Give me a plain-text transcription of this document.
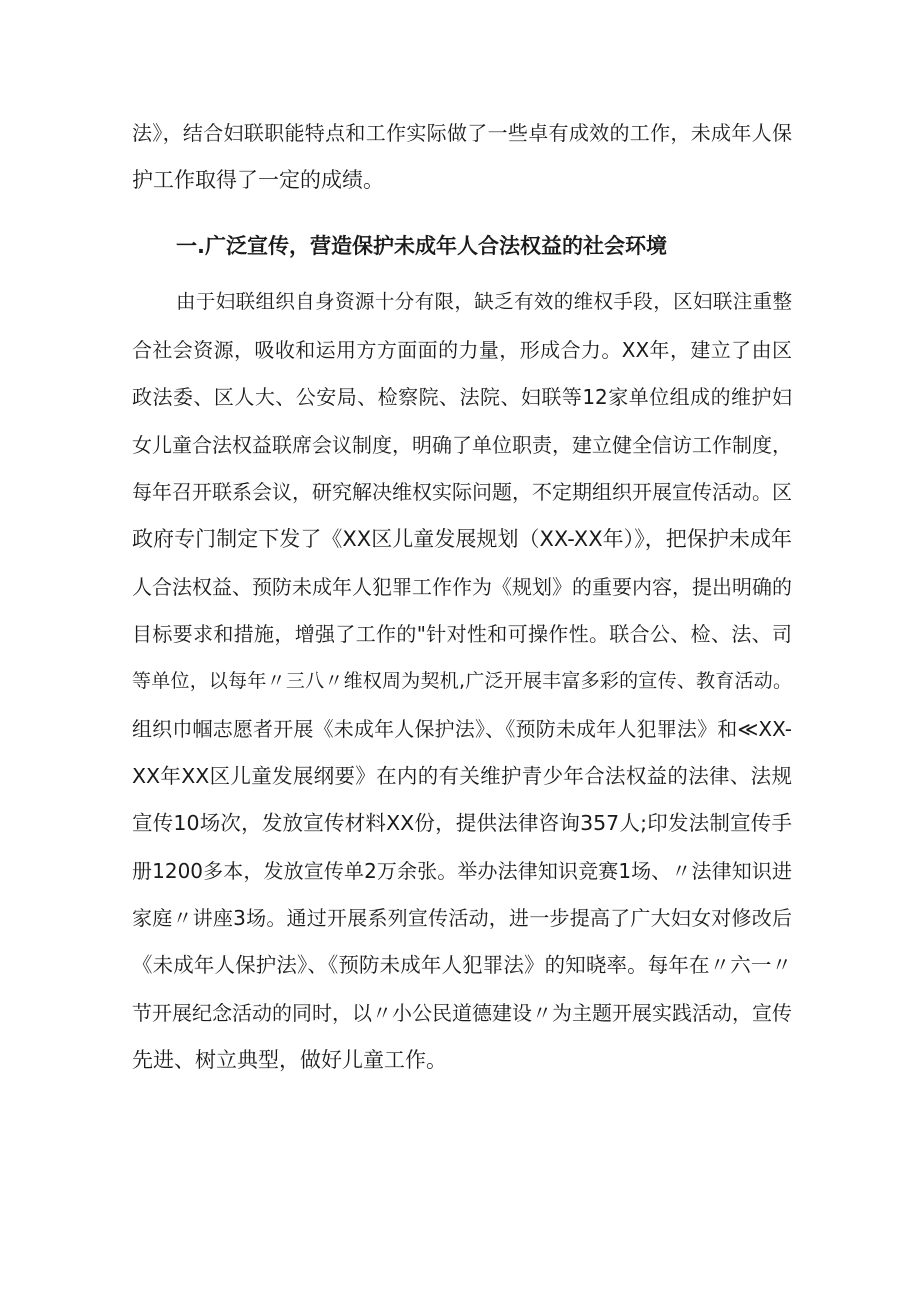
法》，结合妇联职能特点和工作实际做了一些卓有成效的工作，未成年人保
护工作取得了一定的成绩。
一.广泛宣传，营造保护未成年人合法权益的社会环境
由于妇联组织自身资源十分有限，缺乏有效的维权手段，区妇联注重整
合社会资源，吸收和运用方方面面的力量，形成合力。XX年，建立了由区
政法委、区人大、公安局、检察院、法院、妇联等12家单位组成的维护妇
女儿童合法权益联席会议制度，明确了单位职责，建立健全信访工作制度，
每年召开联系会议，研究解决维权实际问题，不定期组织开展宣传活动。区
政府专门制定下发了《XX区儿童发展规划（XX-XX年）》，把保护未成年
人合法权益、预防未成年人犯罪工作作为《规划》的重要内容，提出明确的
目标要求和措施，增强了工作的"针对性和可操作性。联合公、检、法、司
等单位，以每年〃三八〃维权周为契机,广泛开展丰富多彩的宣传、教育活动。
组织巾帼志愿者开展《未成年人保护法》、《预防未成年人犯罪法》和≪XX-
XX年XX区儿童发展纲要》在内的有关维护青少年合法权益的法律、法规
宣传10场次，发放宣传材料XX份，提供法律咨询357人;印发法制宣传手
册1200多本，发放宣传单2万余张。举办法律知识竞赛1场、〃法律知识进
家庭〃讲座3场。通过开展系列宣传活动，进一步提高了广大妇女对修改后
《未成年人保护法》、《预防未成年人犯罪法》的知晓率。每年在〃六一〃
节开展纪念活动的同时，以〃小公民道德建设〃为主题开展实践活动，宣传
先进、树立典型，做好儿童工作。
